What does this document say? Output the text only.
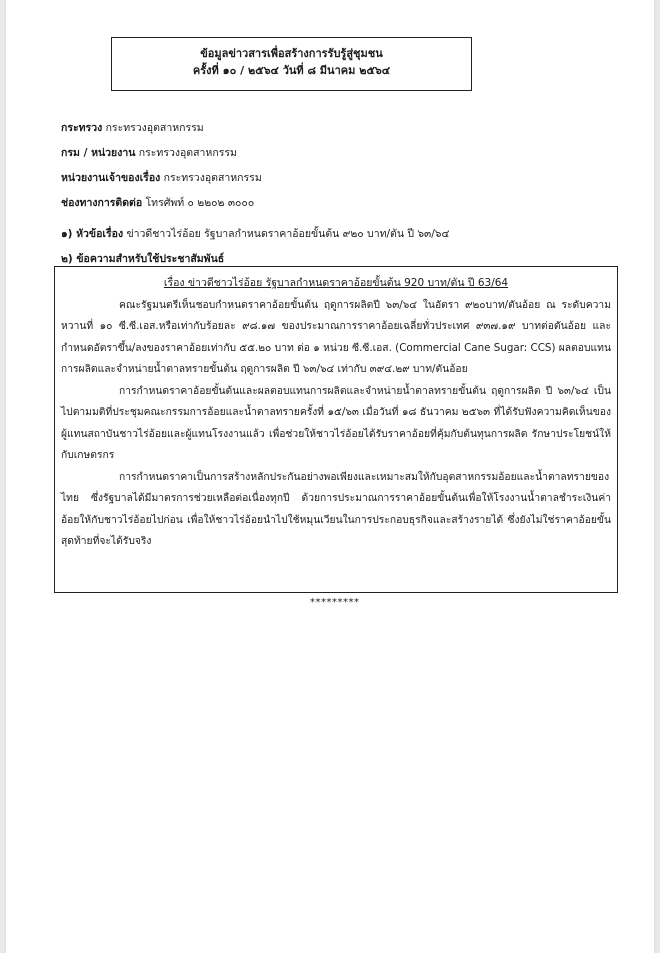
ข้อมูลข่าวสารเพื่อสร้างการรับรู้สู่ชุมชน
ครั้งที่ ๑๐ / ๒๕๖๔ วันที่ ๘ มีนาคม ๒๕๖๔
กระทรวง กระทรวงอุตสาหกรรม
กรม / หน่วยงาน กระทรวงอุตสาหกรรม
หน่วยงานเจ้าของเรื่อง กระทรวงอุตสาหกรรม
ช่องทางการติดต่อ โทรศัพท์ ๐ ๒๒๐๒ ๓๐๐๐
๑) หัวข้อเรื่อง ข่าวดีชาวไร่อ้อย รัฐบาลกำหนดราคาอ้อยขั้นต้น ๙๒๐ บาท/ตัน ปี ๖๓/๖๔
๒) ข้อความสำหรับใช้ประชาสัมพันธ์

เรื่อง ข่าวดีชาวไร่อ้อย รัฐบาลกำหนดราคาอ้อยขั้นต้น 920 บาท/ตัน ปี 63/64

คณะรัฐมนตรีเห็นชอบกำหนดราคาอ้อยขั้นต้น ฤดูการผลิตปี ๖๓/๖๔ ในอัตรา ๙๒๐บาท/ตันอ้อย ณ ระดับความหวานที่ ๑๐ ซี.ซี.เอส.หรือเท่ากับร้อยละ ๙๘.๑๗ ของประมาณการราคาอ้อยเฉลี่ยทั่วประเทศ ๙๓๗.๑๙ บาทต่อตันอ้อย และกำหนดอัตราขึ้น/ลงของราคาอ้อยเท่ากับ ๕๕.๒๐ บาท ต่อ ๑ หน่วย ซี.ซี.เอส. (Commercial Cane Sugar: CCS) ผลตอบแทนการผลิตและจำหน่ายน้ำตาลทรายขั้นต้น ฤดูการผลิต ปี ๖๓/๖๔ เท่ากับ ๓๙๔.๒๙ บาท/ตันอ้อย

การกำหนดราคาอ้อยขั้นต้นและผลตอบแทนการผลิตและจำหน่ายน้ำตาลทรายขั้นต้น ฤดูการผลิต ปี ๖๓/๖๔ เป็นไปตามมติที่ประชุมคณะกรรมการอ้อยและน้ำตาลทรายครั้งที่ ๑๕/๖๓ เมื่อวันที่ ๑๘ ธันวาคม ๒๕๖๓ ที่ได้รับฟังความคิดเห็นของผู้แทนสถาบันชาวไร่อ้อยและผู้แทนโรงงานแล้ว เพื่อช่วยให้ชาวไร่อ้อยได้รับราคาอ้อยที่คุ้มกับต้นทุนการผลิต รักษาประโยชน์ให้กับเกษตรกร

การกำหนดราคาเป็นการสร้างหลักประกันอย่างพอเพียงและเหมาะสมให้กับอุตสาหกรรมอ้อยและน้ำตาลทรายของไทย ซึ่งรัฐบาลได้มีมาตรการช่วยเหลือต่อเนื่องทุกปี ด้วยการประมาณการราคาอ้อยขั้นต้นเพื่อให้โรงงานน้ำตาลชำระเงินค่าอ้อยให้กับชาวไร่อ้อยไปก่อน เพื่อให้ชาวไร่อ้อยนำไปใช้หมุนเวียนในการประกอบธุรกิจและสร้างรายได้ ซึ่งยังไม่ใช่ราคาอ้อยขั้นสุดท้ายที่จะได้รับจริง

*********
